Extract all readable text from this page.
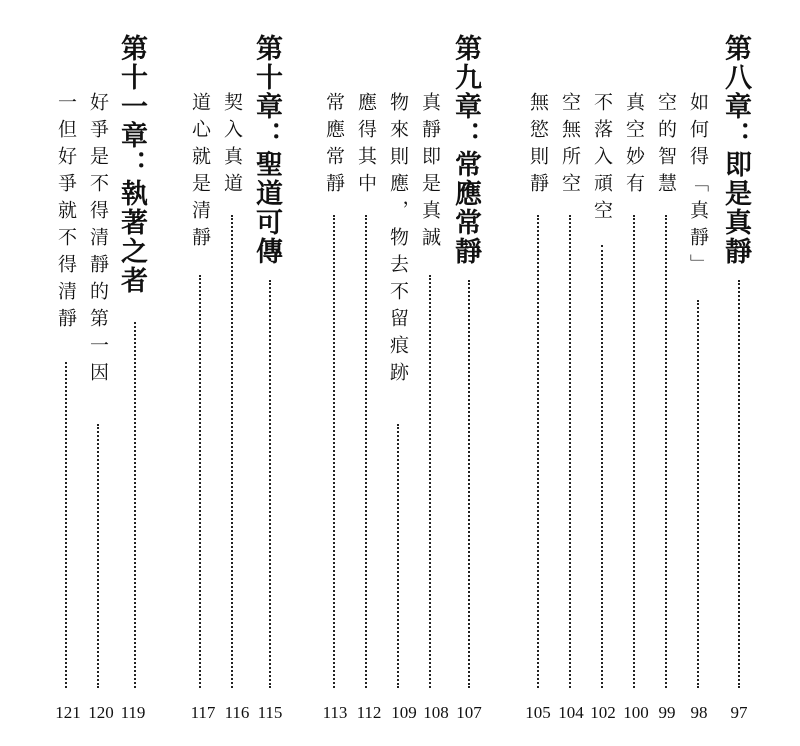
第八章：即是真靜
97
如何得「真靜」
98
空的智慧
99
真空妙有
100
不落入頑空
102
空無所空
104
無慾則靜
105
第九章：常應常靜
107
真靜即是真誠
108
物來則應，物去不留痕跡
109
應得其中
112
常應常靜
113
第十章：聖道可傳
115
契入真道
116
道心就是清靜
117
第十一章：執著之者
119
好爭是不得清靜的第一因
120
一但好爭就不得清靜
121
